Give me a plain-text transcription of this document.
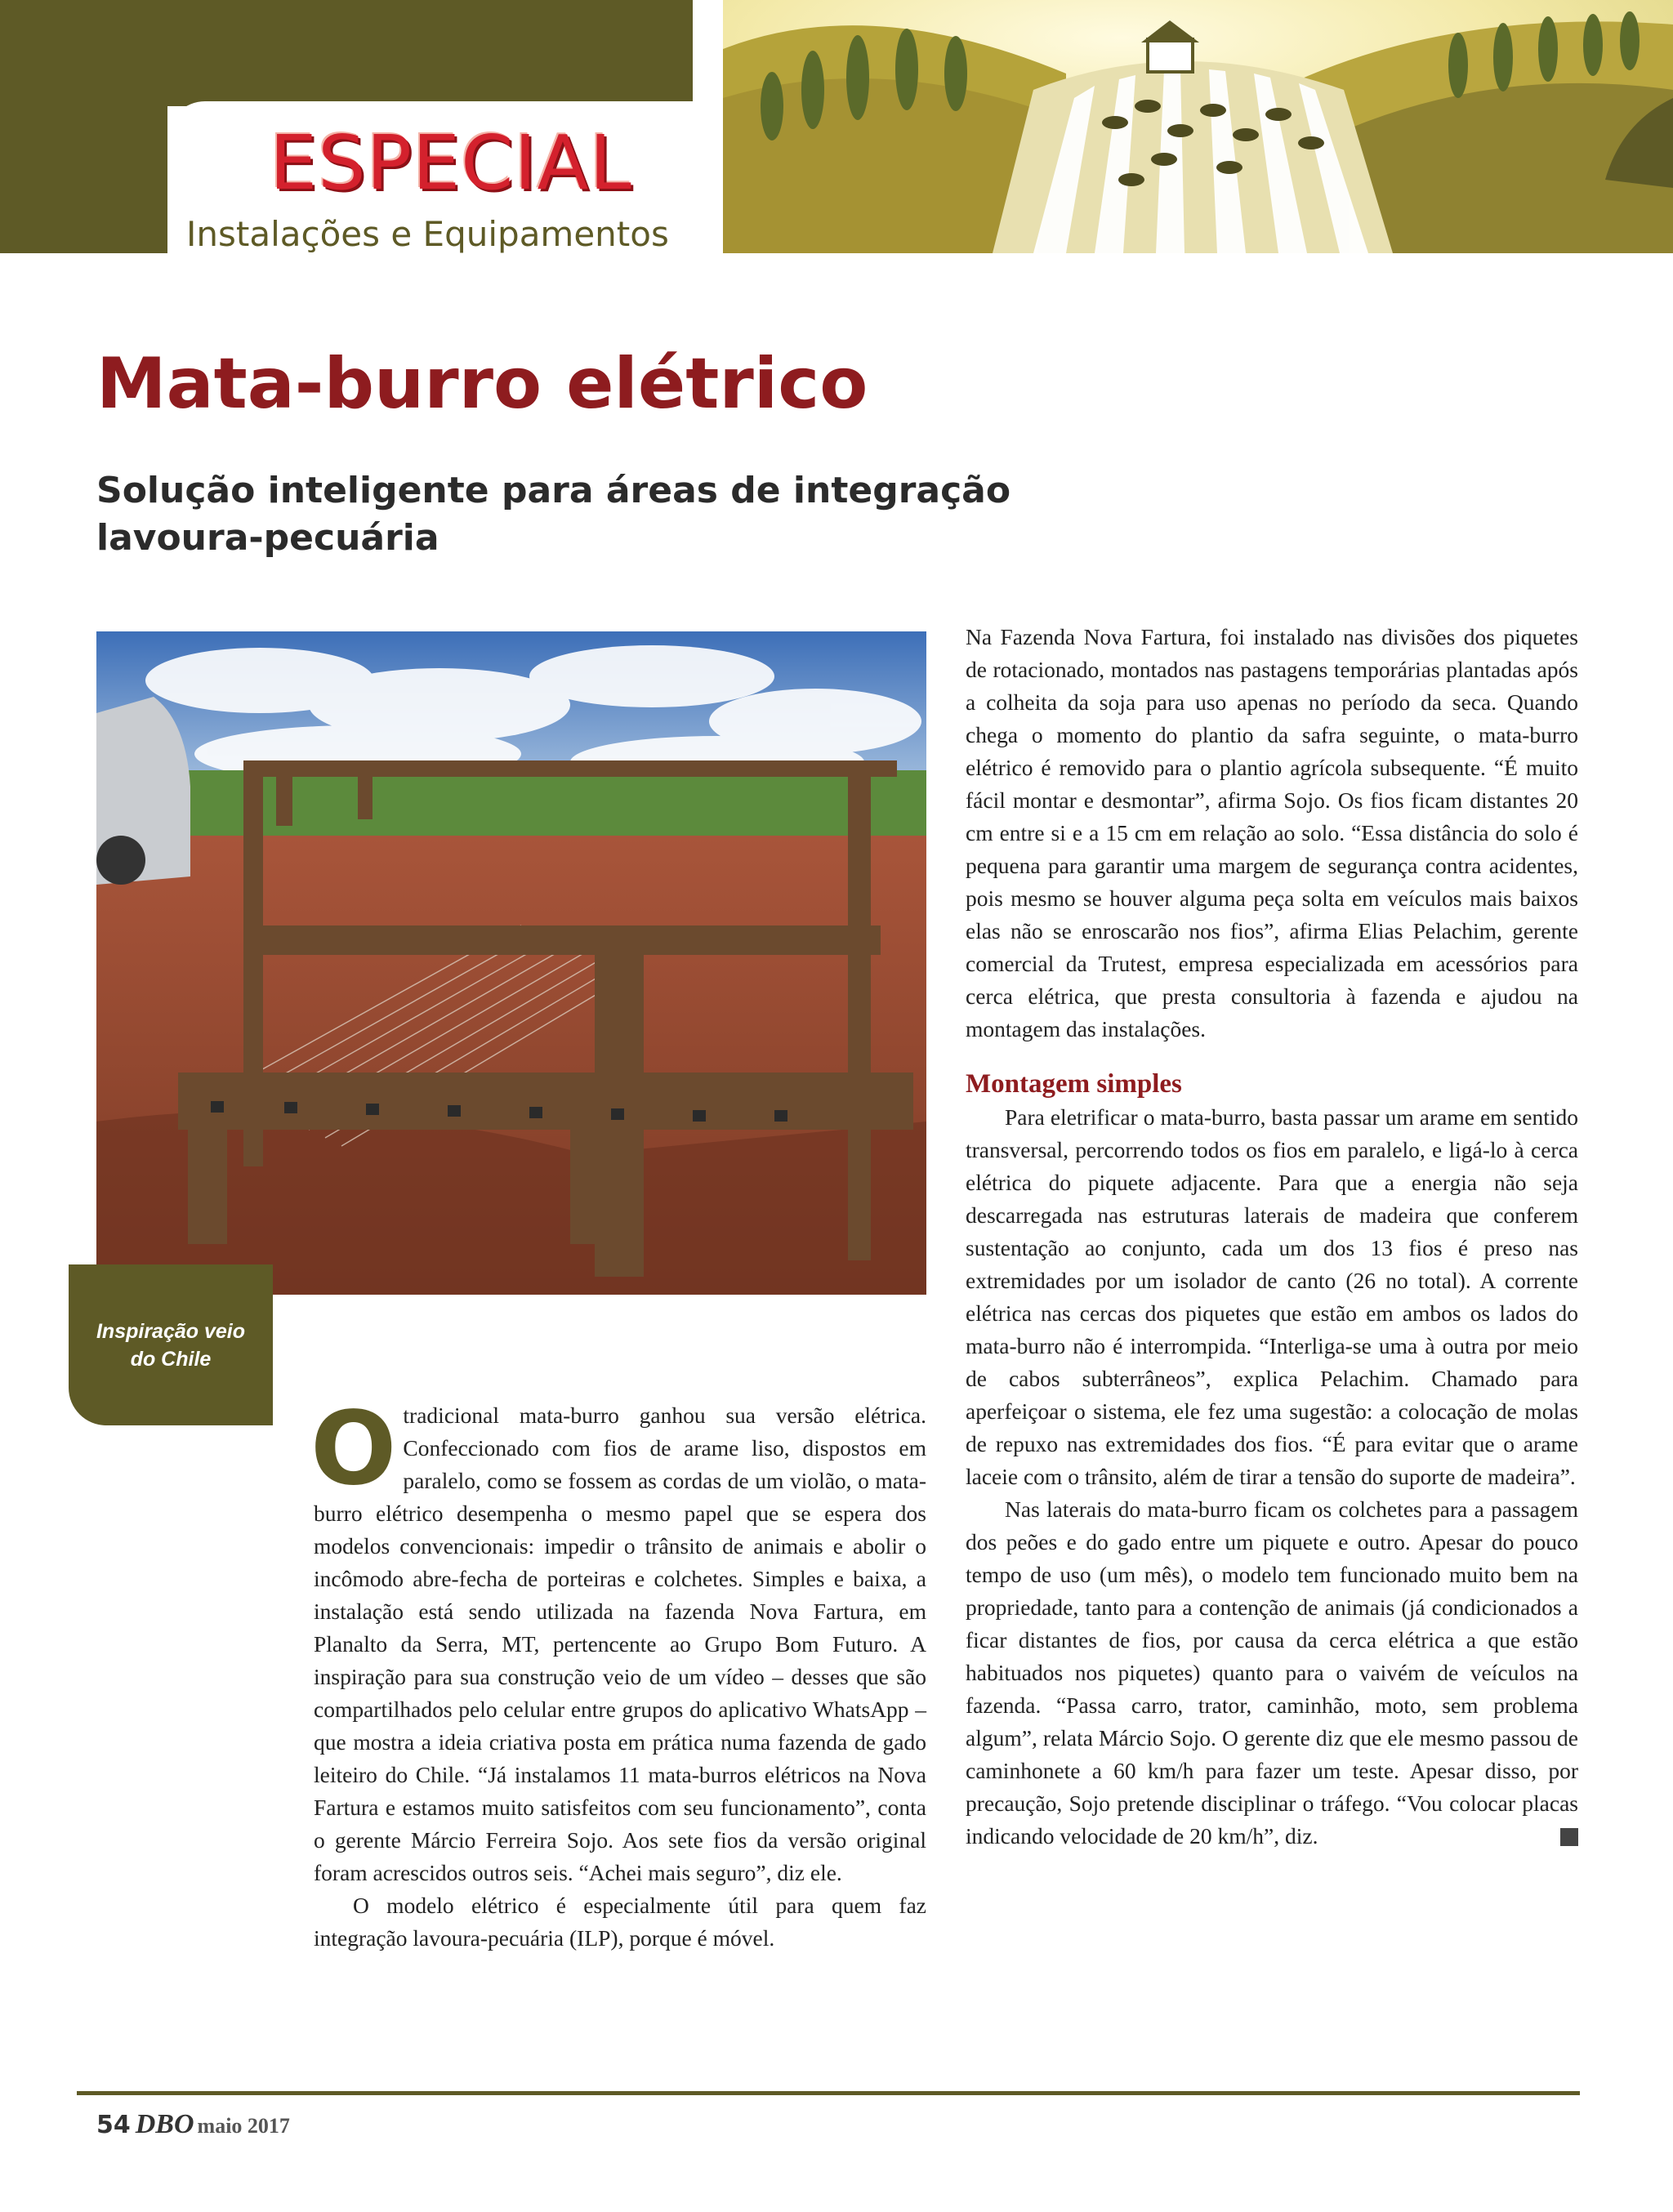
ESPECIAL
Instalações e Equipamentos
Mata-burro elétrico
Solução inteligente para áreas de integração lavoura-pecuária
Inspiração veio do Chile

Otradicional mata-burro ganhou sua versão elétrica. Confeccionado com fios de arame liso, dispostos em paralelo, como se fossem as cordas de um violão, o mata-burro elétrico desempenha o mesmo papel que se espera dos modelos convencionais: impedir o trânsito de animais e abolir o incômodo abre-fecha de porteiras e colchetes. Simples e baixa, a instalação está sendo utilizada na fazenda Nova Fartura, em Planalto da Serra, MT, pertencente ao Grupo Bom Futuro. A inspiração para sua construção veio de um vídeo – desses que são compartilhados pelo celular entre grupos do aplicativo WhatsApp – que mostra a ideia criativa posta em prática numa fazenda de gado leiteiro do Chile. “Já instalamos 11 mata-burros elétricos na Nova Fartura e estamos muito satisfeitos com seu funcionamento”, conta o gerente Márcio Ferreira Sojo. Aos sete fios da versão original foram acrescidos outros seis. “Achei mais seguro”, diz ele.

O modelo elétrico é especialmente útil para quem faz integração lavoura-pecuária (ILP), porque é móvel.

Na Fazenda Nova Fartura, foi instalado nas divisões dos piquetes de rotacionado, montados nas pastagens temporárias plantadas após a colheita da soja para uso apenas no período da seca. Quando chega o momento do plantio da safra seguinte, o mata-burro elétrico é removido para o plantio agrícola subsequente. “É muito fácil montar e desmontar”, afirma Sojo. Os fios ficam distantes 20 cm entre si e a 15 cm em relação ao solo. “Essa distância do solo é pequena para garantir uma margem de segurança contra acidentes, pois mesmo se houver alguma peça solta em veículos mais baixos elas não se enroscarão nos fios”, afirma Elias Pelachim, gerente comercial da Trutest, empresa especializada em acessórios para cerca elétrica, que presta consultoria à fazenda e ajudou na montagem das instalações.

Montagem simples

Para eletrificar o mata-burro, basta passar um arame em sentido transversal, percorrendo todos os fios em paralelo, e ligá-lo à cerca elétrica do piquete adjacente. Para que a energia não seja descarregada nas estruturas laterais de madeira que conferem sustentação ao conjunto, cada um dos 13 fios é preso nas extremidades por um isolador de canto (26 no total). A corrente elétrica nas cercas dos piquetes que estão em ambos os lados do mata-burro não é interrompida. “Interliga-se uma à outra por meio de cabos subterrâneos”, explica Pelachim. Chamado para aperfeiçoar o sistema, ele fez uma sugestão: a colocação de molas de repuxo nas extremidades dos fios. “É para evitar que o arame laceie com o trânsito, além de tirar a tensão do suporte de madeira”.

Nas laterais do mata-burro ficam os colchetes para a passagem dos peões e do gado entre um piquete e outro. Apesar do pouco tempo de uso (um mês), o modelo tem funcionado muito bem na propriedade, tanto para a contenção de animais (já condicionados a ficar distantes de fios, por causa da cerca elétrica a que estão habituados nos piquetes) quanto para o vaivém de veículos na fazenda. “Passa carro, trator, caminhão, moto, sem problema algum”, relata Márcio Sojo. O gerente diz que ele mesmo passou de caminhonete a 60 km/h para fazer um teste. Apesar disso, por precaução, Sojo pretende disciplinar o tráfego. “Vou colocar placas indicando velocidade de 20 km/h”, diz.

54 DBO maio 2017
